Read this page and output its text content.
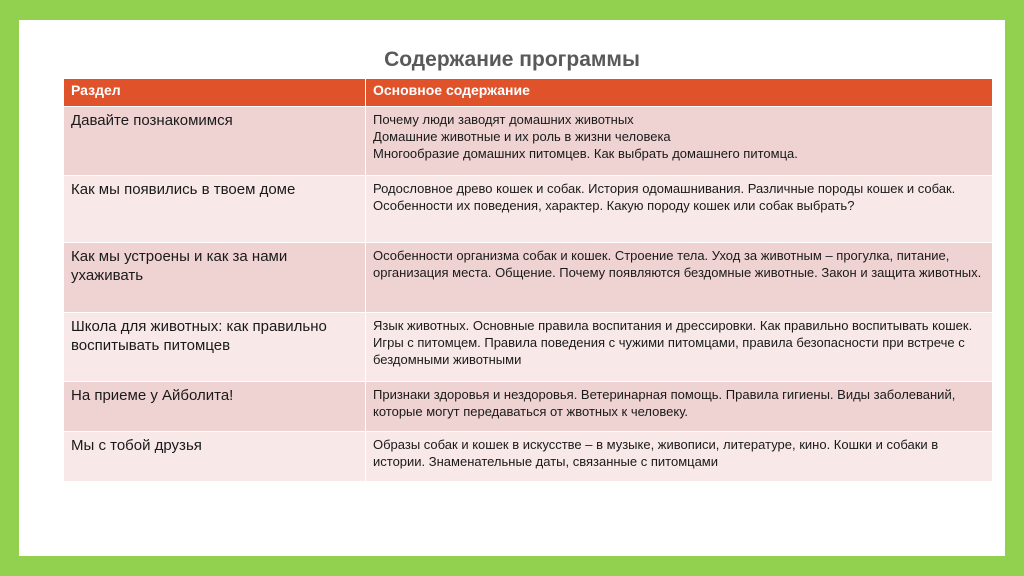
Содержание программы
Раздел	Основное содержание
Давайте познакомимся	Почему люди заводят домашних животных
Домашние животные и их роль в жизни человека
Многообразие домашних питомцев. Как выбрать домашнего питомца.

Как мы появились в твоем доме	Родословное древо кошек и собак. История одомашнивания. Различные породы кошек и собак. Особенности их поведения, характер. Какую породу кошек или собак выбрать?
Как мы устроены и как за нами ухаживать	Особенности организма собак и кошек. Строение тела. Уход за животным – прогулка, питание, организация места. Общение. Почему появляются бездомные животные. Закон и защита животных.
Школа для животных: как правильно воспитывать питомцев	Язык животных. Основные правила воспитания и дрессировки. Как правильно воспитывать кошек. Игры с питомцем. Правила поведения с чужими питомцами, правила безопасности при встрече с бездомными животными
На приеме у Айболита!	Признаки здоровья и нездоровья. Ветеринарная помощь. Правила гигиены. Виды заболеваний, которые могут передаваться от жвотных к человеку.
Мы с тобой друзья	Образы собак и кошек в искусстве – в музыке, живописи, литературе, кино. Кошки и собаки в истории. Знаменательные даты, связанные с питомцами
